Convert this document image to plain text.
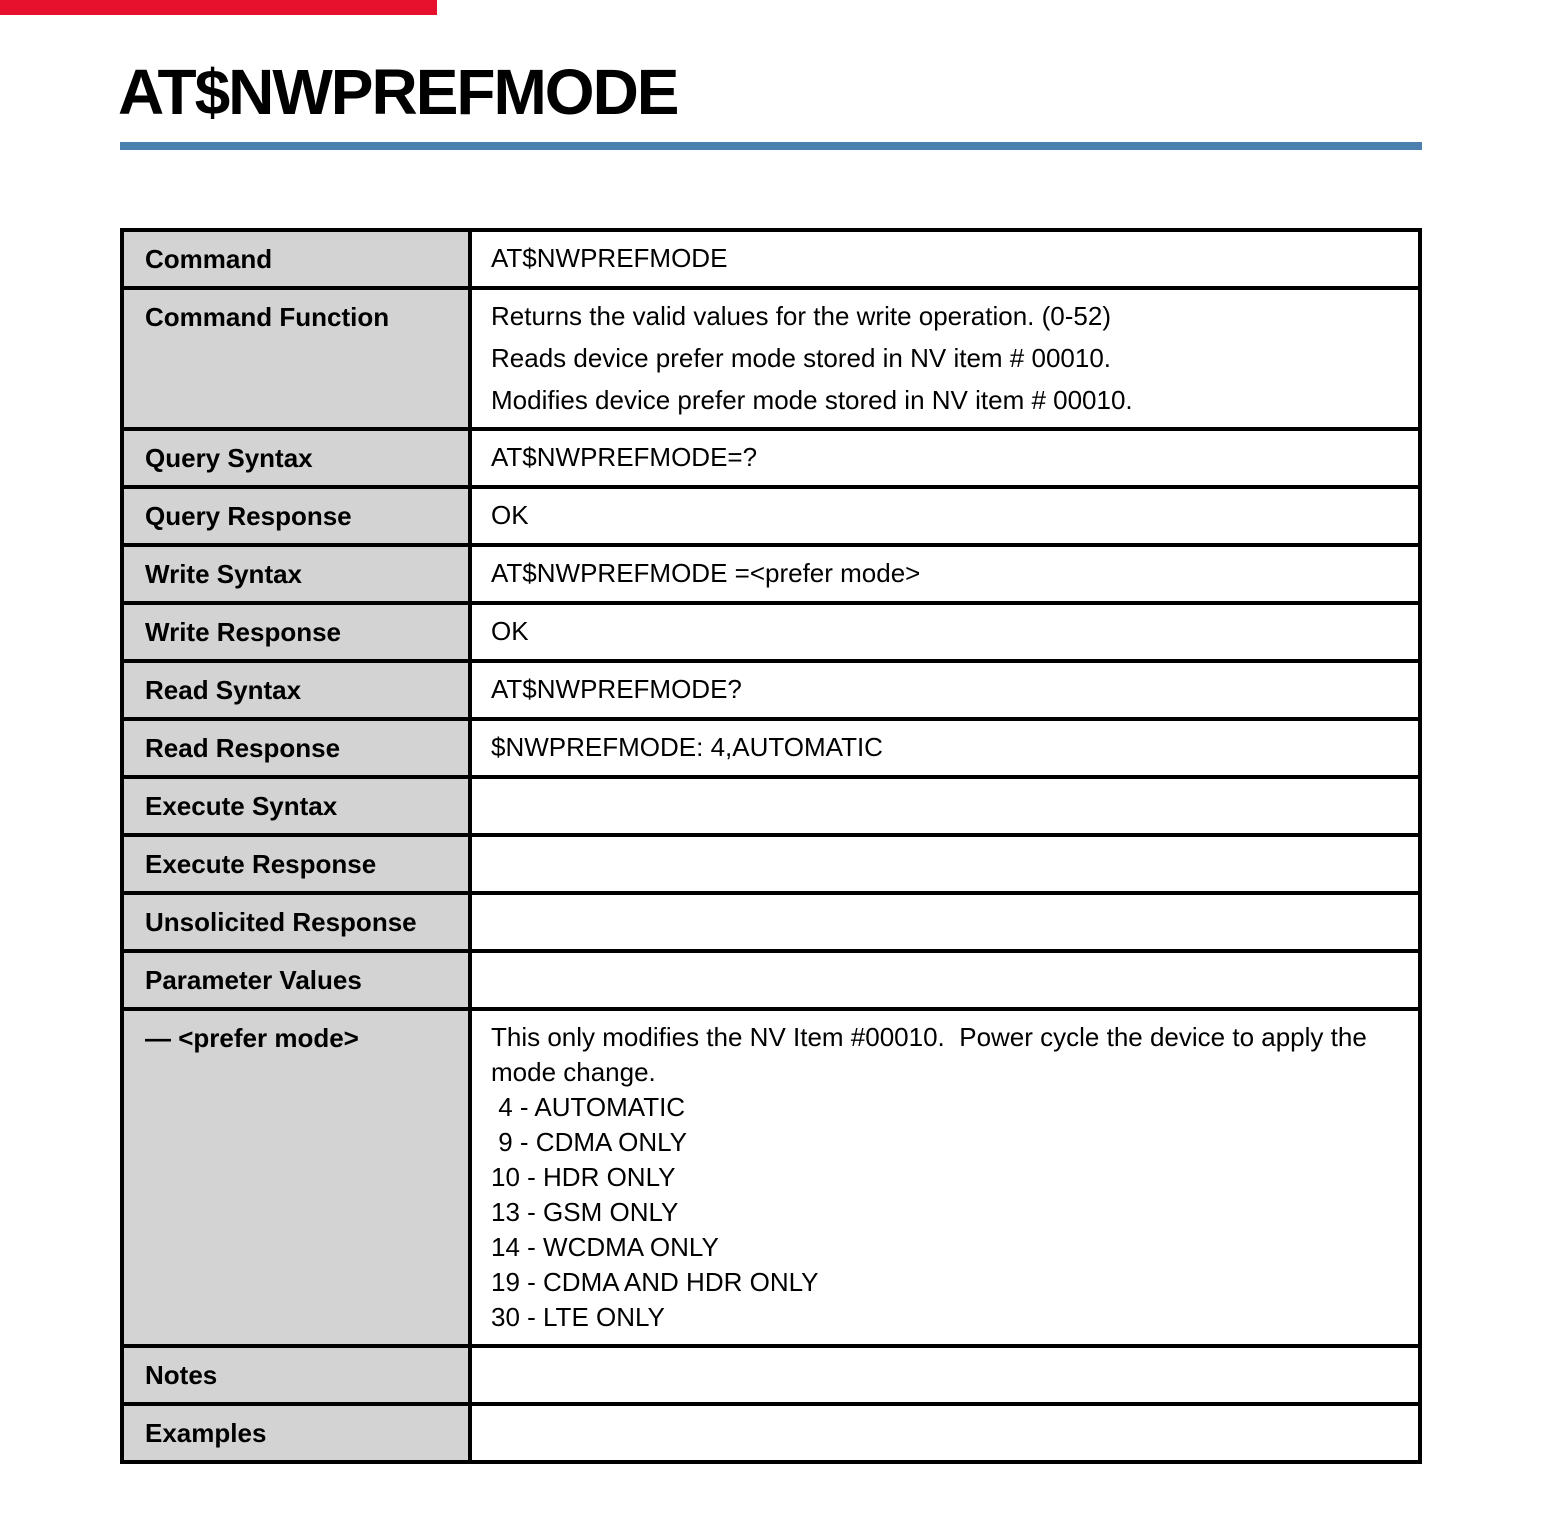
AT$NWPREFMODE
Command	AT$NWPREFMODE

Command Function	Returns the valid values for the write operation. (0-52)
Reads device prefer mode stored in NV item # 00010.
Modifies device prefer mode stored in NV item # 00010.

Query Syntax	AT$NWPREFMODE=?

Query Response	OK

Write Syntax	AT$NWPREFMODE =<prefer mode>

Write Response	OK

Read Syntax	AT$NWPREFMODE?

Read Response	$NWPREFMODE: 4,AUTOMATIC

Execute Syntax	
Execute Response	
Unsolicited Response	
Parameter Values	
— <prefer mode>	This only modifies the NV Item #00010.  Power cycle the device to apply the mode change.
4 - AUTOMATIC
9 - CDMA ONLY
10 - HDR ONLY
13 - GSM ONLY
14 - WCDMA ONLY
19 - CDMA AND HDR ONLY
30 - LTE ONLY

Notes	
Examples	
